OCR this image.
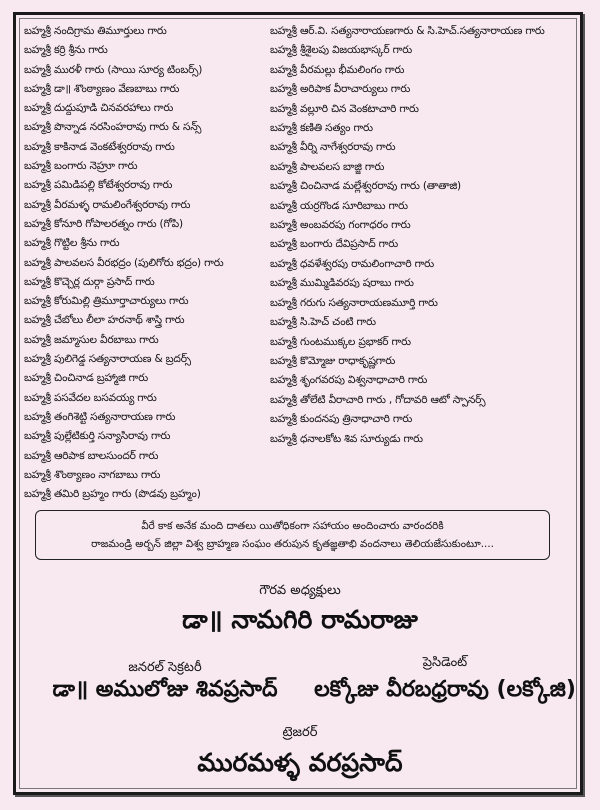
బహ్మశ్రీ నందిగ్రామ తిమూర్తులు గారు
బహ్మశ్రీ కర్రి శ్రీను గారు
బహ్మశ్రీ మురళీ గారు (సాయి సూర్య టింబర్స్)
బహ్మశ్రీ డా॥ శొంఠ్యాణం వేణబాబు గారు
బహ్మశ్రీ దుద్దుపూడి చినవరహాలు గారు
బహ్మశ్రీ పొన్నాడ నరసింహరావు గారు & సన్స్
బహ్మశ్రీ కాకినాడ వెంకటేశ్వరరావు గారు
బహ్మశ్రీ బంగారు నెహ్రూ గారు
బహ్మశ్రీ పమిడిపల్లి కోటేశ్వరరావు గారు
బహ్మశ్రీ వీరమళ్ళ రామలింగేశ్వరరావు గారు
బహ్మశ్రీ కోనూరి గోపాలరత్నం గారు (గోపి)
బహ్మశ్రీ గొట్టిల శ్రీను గారు
బహ్మశ్రీ పాలవలస వీరభద్రం (పులిగోరు భద్రం) గారు
బహ్మశ్రీ కొచ్చెర్ల దుర్గా ప్రసాద్ గారు
బహ్మశ్రీ కోరుమిల్లి త్రిమూర్తాచార్యులు గారు
బహ్మశ్రీ చేబోలు లీలా హరనాథ్ శాస్త్రి గారు
బహ్మశ్రీ జమ్మాసుల వీరబాబు గారు
బహ్మశ్రీ పులిగెడ్డ సత్యనారాయణ & బ్రదర్స్
బహ్మశ్రీ చించినాడ బ్రహ్మాజి గారు
బహ్మశ్రీ పసవేదల బసవయ్య గారు
బహ్మశ్రీ తంగిశెట్టి సత్యనారాయణ గారు
బహ్మశ్రీ పుల్లేటికుర్తి సన్యాసిరావు గారు
బహ్మశ్రీ ఆరిపాక బాలసుందర్ గారు
బహ్మశ్రీ శొంఠ్యాణం నాగబాబు గారు
బహ్మశ్రీ తమిరి బ్రహ్మం గారు (పొడవు బ్రహ్మం)
బహ్మశ్రీ ఆర్.వి. సత్యనారాయణగారు & సి.హెచ్.సత్యనారాయణ గారు
బహ్మశ్రీ శ్రీశైలపు విజయభాస్కర్ గారు
బహ్మశ్రీ వీరమల్లు భీమలింగం గారు
బహ్మశ్రీ అరిపాక వీరాచార్యులు గారు
బహ్మశ్రీ వల్లూరి చిన వెంకటాచారి గారు
బహ్మశ్రీ కణితి సత్యం గారు
బహ్మశ్రీ వీర్ని నాగేశ్వరరావు గారు
బహ్మశ్రీ పాలవలస బాజ్జి గారు
బహ్మశ్రీ చించినాడ మల్లేశ్వరరావు గారు (తాతాజి)
బహ్మశ్రీ యర్రగొండ సూరిబాబు గారు
బహ్మశ్రీ అంబవరపు గంగాధరం గారు
బహ్మశ్రీ బంగారు దేవిప్రసాద్ గారు
బహ్మశ్రీ ధవళేశ్వరపు రామలింగాచారి గారు
బహ్మశ్రీ ముమ్మిడివరపు షరాబు గారు
బహ్మశ్రీ గరుగు సత్యనారాయణమూర్తి గారు
బహ్మశ్రీ సి.హెచ్ చంటి గారు
బహ్మశ్రీ గుంటముక్కల ప్రభాకర్ గారు
బహ్మశ్రీ కొమ్మోజు రాధాకృష్ణగారు
బహ్మశ్రీ శృంగవరపు విశ్వనాధాచారి గారు
బహ్మశ్రీ తోలేటి వీరాచారి గారు , గోదావరి ఆటో స్పానర్స్
బహ్మశ్రీ కుందనపు త్రినాధాచారి గారు
బహ్మశ్రీ ధనాలకోట శివ సూర్యుడు గారు
వీరే కాక అనేక మంది దాతలు యితోధికంగా సహాయం అందించారు వారందరికి
రాజమండ్రి అర్బన్ జిల్లా విశ్వ బ్రాహ్మణ సంఘం తరుపున కృతజ్ఞతాభి వందనాలు తెలియజేసుకుంటూ....
గౌరవ అధ్యక్షులు
డా॥ నామగిరి రామరాజు
జనరల్ సెక్రటరీ
డా॥ అములోజు శివప్రసాద్
ప్రెసిడెంట్
లక్కోజు వీరబధ్రరావు (లక్కోజి)
ట్రెజరర్
మురమళ్ళ వరప్రసాద్
